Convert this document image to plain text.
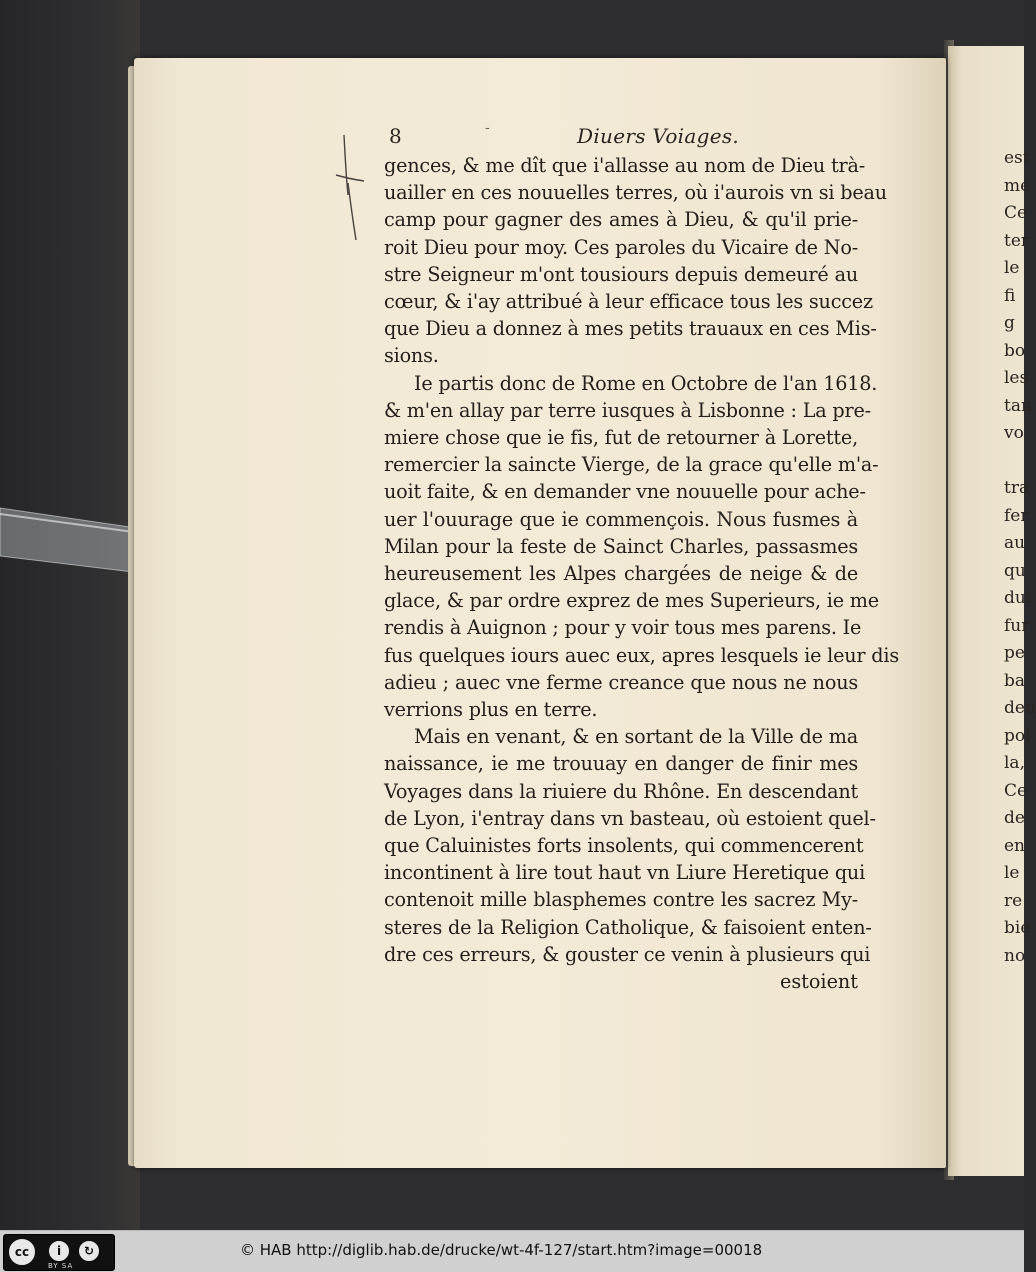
est
me
Ce
ter
le
fi
g
bo
les
tan
vo
tra
fer
au
qu
dui
fur
pe
ba
deu
poi
la,
Ce
de
en
le
re
bie
no
8	-	Diuers Voiages.
gences, & me dît que i'allasse au nom de Dieu trà-
uailler en ces nouuelles terres, où i'aurois vn si beau
camp pour gagner des ames à Dieu, & qu'il prie-
roit Dieu pour moy. Ces paroles du Vicaire de No-
stre Seigneur m'ont tousiours depuis demeuré au
cœur, & i'ay attribué à leur efficace tous les succez
que Dieu a donnez à mes petits trauaux en ces Mis-
sions.
Ie partis donc de Rome en Octobre de l'an 1618.
& m'en allay par terre iusques à Lisbonne : La pre-
miere chose que ie fis, fut de retourner à Lorette,
remercier la saincte Vierge, de la grace qu'elle m'a-
uoit faite, & en demander vne nouuelle pour ache-
uer l'ouurage que ie commençois. Nous fusmes à
Milan pour la feste de Sainct Charles, passasmes
heureusement les Alpes chargées de neige & de
glace, & par ordre exprez de mes Superieurs, ie me
rendis à Auignon ; pour y voir tous mes parens. Ie
fus quelques iours auec eux, apres lesquels ie leur dis
adieu ; auec vne ferme creance que nous ne nous
verrions plus en terre.
Mais en venant, & en sortant de la Ville de ma
naissance, ie me trouuay en danger de finir mes
Voyages dans la riuiere du Rhône. En descendant
de Lyon, i'entray dans vn basteau, où estoient quel-
que Caluinistes forts insolents, qui commencerent
incontinent à lire tout haut vn Liure Heretique qui
contenoit mille blasphemes contre les sacrez My-
steres de la Religion Catholique, & faisoient enten-
dre ces erreurs, & gouster ce venin à plusieurs qui
estoient
cc	i	↻
BY SA
© HAB http://diglib.hab.de/drucke/wt-4f-127/start.htm?image=00018
